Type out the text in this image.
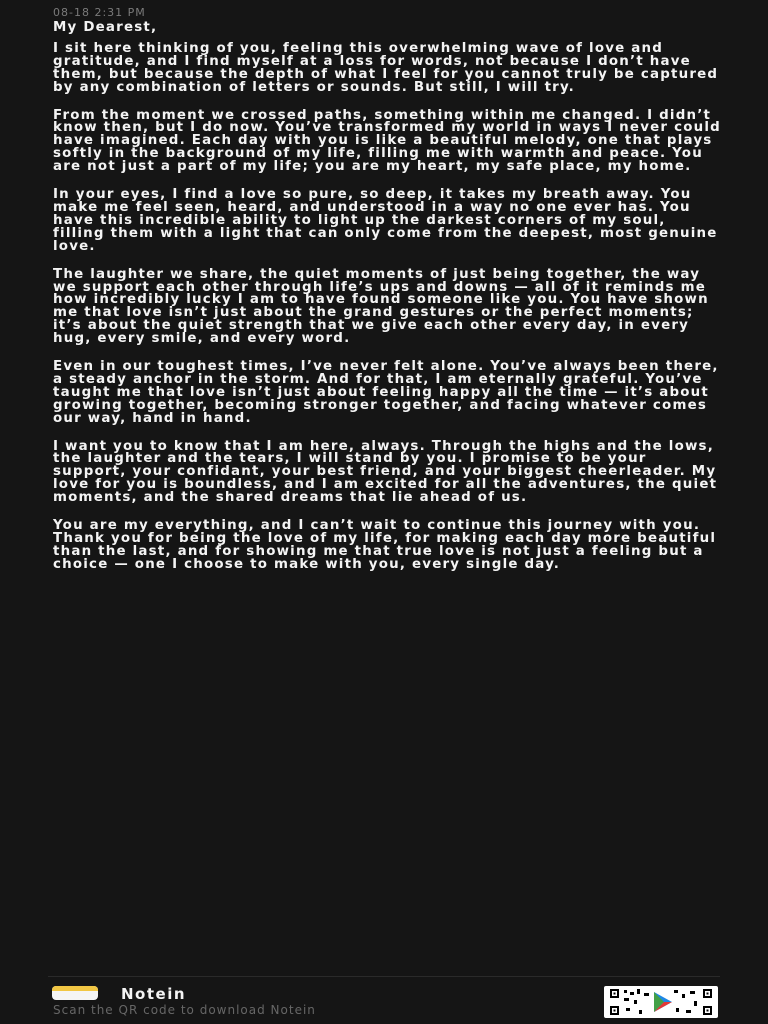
08-18 2:31 PM
My Dearest,

I sit here thinking of you, feeling this overwhelming wave of love and gratitude, and I find myself at a loss for words, not because I don’t have them, but because the depth of what I feel for you cannot truly be captured by any combination of letters or sounds. But still, I will try.

From the moment we crossed paths, something within me changed. I didn’t know then, but I do now. You’ve transformed my world in ways I never could have imagined. Each day with you is like a beautiful melody, one that plays softly in the background of my life, filling me with warmth and peace. You are not just a part of my life; you are my heart, my safe place, my home.

In your eyes, I find a love so pure, so deep, it takes my breath away. You make me feel seen, heard, and understood in a way no one ever has. You have this incredible ability to light up the darkest corners of my soul, filling them with a light that can only come from the deepest, most genuine love.

The laughter we share, the quiet moments of just being together, the way we support each other through life’s ups and downs — all of it reminds me how incredibly lucky I am to have found someone like you. You have shown me that love isn’t just about the grand gestures or the perfect moments; it’s about the quiet strength that we give each other every day, in every hug, every smile, and every word.

Even in our toughest times, I’ve never felt alone. You’ve always been there, a steady anchor in the storm. And for that, I am eternally grateful. You’ve taught me that love isn’t just about feeling happy all the time — it’s about growing together, becoming stronger together, and facing whatever comes our way, hand in hand.

I want you to know that I am here, always. Through the highs and the lows, the laughter and the tears, I will stand by you. I promise to be your support, your confidant, your best friend, and your biggest cheerleader. My love for you is boundless, and I am excited for all the adventures, the quiet moments, and the shared dreams that lie ahead of us.

You are my everything, and I can’t wait to continue this journey with you. Thank you for being the love of my life, for making each day more beautiful than the last, and for showing me that true love is not just a feeling but a choice — one I choose to make with you, every single day.

Notein
Scan the QR code to download Notein
